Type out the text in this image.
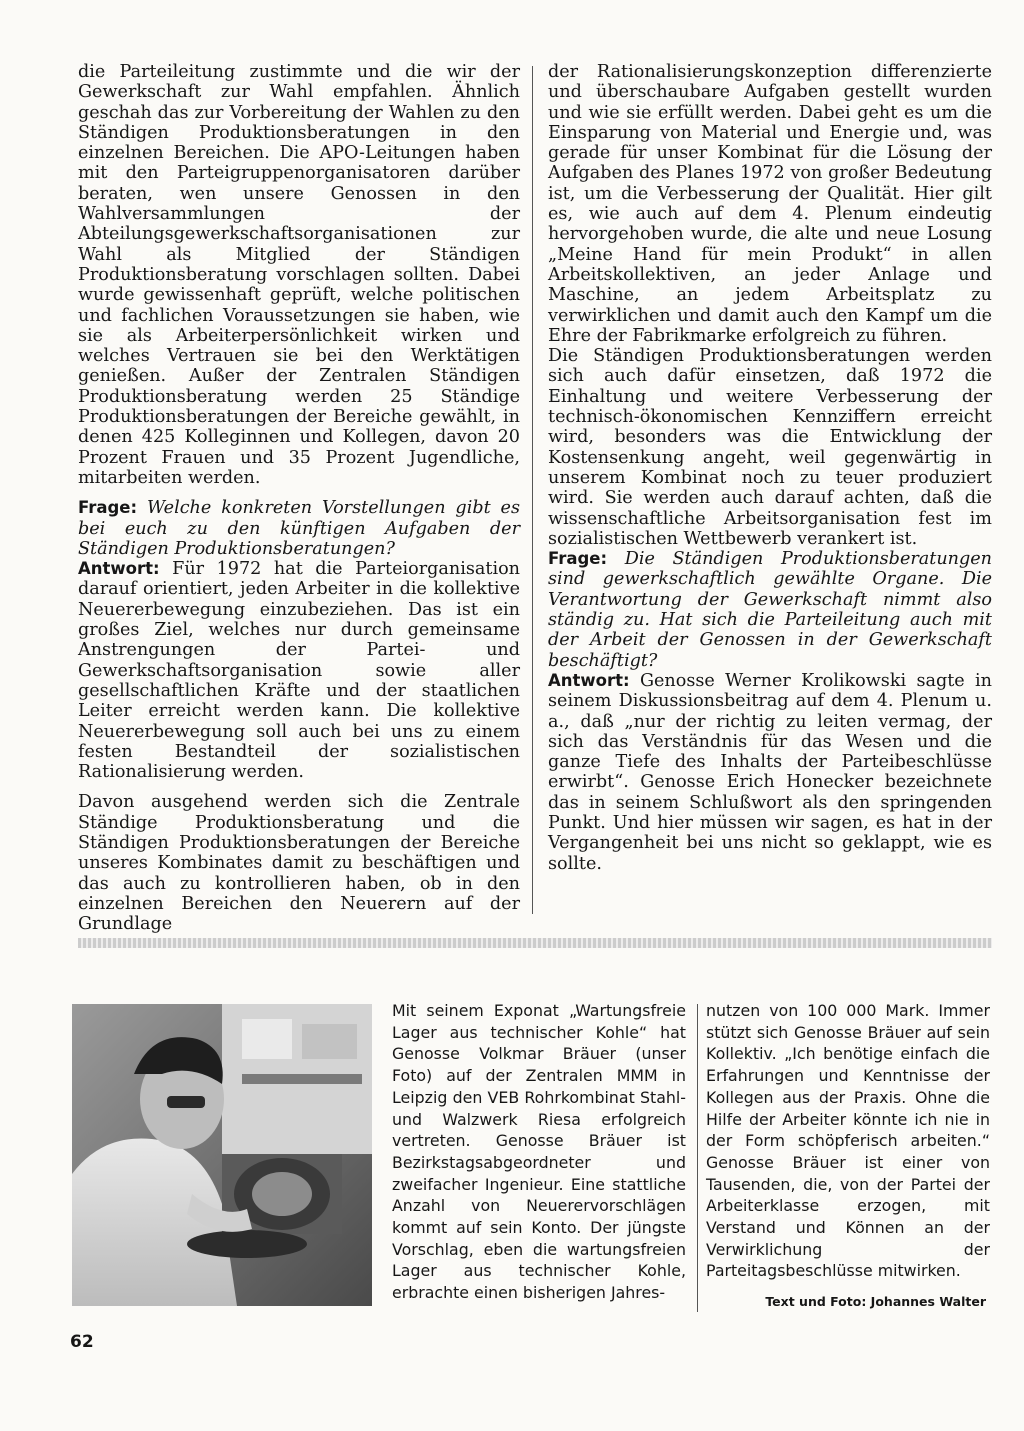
die Parteileitung zustimmte und die wir der Gewerkschaft zur Wahl empfahlen. Ähnlich geschah das zur Vorbereitung der Wahlen zu den Ständigen Produktionsberatungen in den einzelnen Bereichen. Die APO-Leitungen haben mit den Parteigruppenorganisatoren darüber beraten, wen unsere Genossen in den Wahlversammlungen der Abteilungsgewerkschaftsorganisationen zur Wahl als Mitglied der Ständigen Produktionsberatung vorschlagen sollten. Dabei wurde gewissenhaft geprüft, welche politischen und fachlichen Voraussetzungen sie haben, wie sie als Arbeiterpersönlichkeit wirken und welches Vertrauen sie bei den Werktätigen genießen. Außer der Zentralen Ständigen Produktionsberatung werden 25 Ständige Produktionsberatungen der Bereiche gewählt, in denen 425 Kolleginnen und Kollegen, davon 20 Prozent Frauen und 35 Prozent Jugendliche, mitarbeiten werden.

Frage: Welche konkreten Vorstellungen gibt es bei euch zu den künftigen Aufgaben der Ständigen Produktionsberatungen?

Antwort: Für 1972 hat die Parteiorganisation darauf orientiert, jeden Arbeiter in die kollektive Neuererbewegung einzubeziehen. Das ist ein großes Ziel, welches nur durch gemeinsame Anstrengungen der Partei- und Gewerkschaftsorganisation sowie aller gesellschaftlichen Kräfte und der staatlichen Leiter erreicht werden kann. Die kollektive Neuererbewegung soll auch bei uns zu einem festen Bestandteil der sozialistischen Rationalisierung werden.

Davon ausgehend werden sich die Zentrale Ständige Produktionsberatung und die Ständigen Produktionsberatungen der Bereiche unseres Kombinates damit zu beschäftigen und das auch zu kontrollieren haben, ob in den einzelnen Bereichen den Neuerern auf der Grundlage

der Rationalisierungskonzeption differenzierte und überschaubare Aufgaben gestellt wurden und wie sie erfüllt werden. Dabei geht es um die Einsparung von Material und Energie und, was gerade für unser Kombinat für die Lösung der Aufgaben des Planes 1972 von großer Bedeutung ist, um die Verbesserung der Qualität. Hier gilt es, wie auch auf dem 4. Plenum eindeutig hervorgehoben wurde, die alte und neue Losung „Meine Hand für mein Produkt“ in allen Arbeitskollektiven, an jeder Anlage und Maschine, an jedem Arbeitsplatz zu verwirklichen und damit auch den Kampf um die Ehre der Fabrikmarke erfolgreich zu führen.

Die Ständigen Produktionsberatungen werden sich auch dafür einsetzen, daß 1972 die Einhaltung und weitere Verbesserung der technisch-ökonomischen Kennziffern erreicht wird, besonders was die Entwicklung der Kostensenkung angeht, weil gegenwärtig in unserem Kombinat noch zu teuer produziert wird. Sie werden auch darauf achten, daß die wissenschaftliche Arbeitsorganisation fest im sozialistischen Wettbewerb verankert ist.

Frage: Die Ständigen Produktionsberatungen sind gewerkschaftlich gewählte Organe. Die Verantwortung der Gewerkschaft nimmt also ständig zu. Hat sich die Parteileitung auch mit der Arbeit der Genossen in der Gewerkschaft beschäftigt?

Antwort: Genosse Werner Krolikowski sagte in seinem Diskussionsbeitrag auf dem 4. Plenum u. a., daß „nur der richtig zu leiten vermag, der sich das Verständnis für das Wesen und die ganze Tiefe des Inhalts der Parteibeschlüsse erwirbt“. Genosse Erich Honecker bezeichnete das in seinem Schlußwort als den springenden Punkt. Und hier müssen wir sagen, es hat in der Vergangenheit bei uns nicht so geklappt, wie es sollte.

Mit seinem Exponat „Wartungsfreie Lager aus technischer Kohle“ hat Genosse Volkmar Bräuer (unser Foto) auf der Zentralen MMM in Leipzig den VEB Rohrkombinat Stahl- und Walzwerk Riesa erfolgreich vertreten. Genosse Bräuer ist Bezirkstagsabgeordneter und zweifacher Ingenieur. Eine stattliche Anzahl von Neuerervorschlägen kommt auf sein Konto. Der jüngste Vorschlag, eben die wartungsfreien Lager aus technischer Kohle, erbrachte einen bisherigen Jahres-
nutzen von 100 000 Mark. Immer stützt sich Genosse Bräuer auf sein Kollektiv. „Ich benötige einfach die Erfahrungen und Kenntnisse der Kollegen aus der Praxis. Ohne die Hilfe der Arbeiter könnte ich nie in der Form schöpferisch arbeiten.“ Genosse Bräuer ist einer von Tausenden, die, von der Partei der Arbeiterklasse erzogen, mit Verstand und Können an der Verwirklichung der Parteitagsbeschlüsse mitwirken.
Text und Foto: Johannes Walter
62
